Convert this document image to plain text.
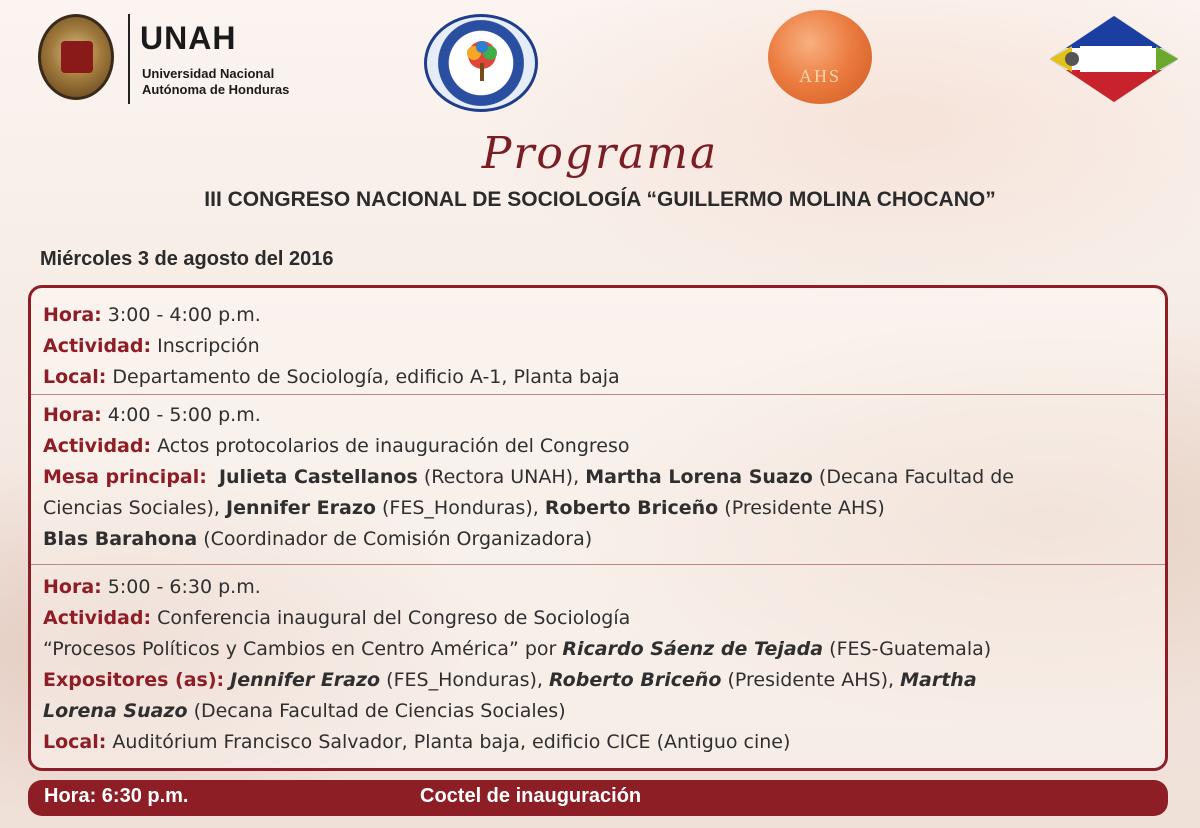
UNAH
Universidad Nacional
Autónoma de Honduras
AHS
Programa
III CONGRESO NACIONAL DE SOCIOLOGÍA “GUILLERMO MOLINA CHOCANO”
Miércoles 3 de agosto del 2016
Hora: 3:00 - 4:00 p.m.
Actividad: Inscripción
Local: Departamento de Sociología, edificio A-1, Planta baja
Hora: 4:00 - 5:00 p.m.
Actividad: Actos protocolarios de inauguración del Congreso
Mesa principal: Julieta Castellanos (Rectora UNAH), Martha Lorena Suazo (Decana Facultad de
Ciencias Sociales), Jennifer Erazo (FES_Honduras), Roberto Briceño (Presidente AHS)
Blas Barahona (Coordinador de Comisión Organizadora)
Hora: 5:00 - 6:30 p.m.
Actividad: Conferencia inaugural del Congreso de Sociología
“Procesos Políticos y Cambios en Centro América” por Ricardo Sáenz de Tejada (FES-Guatemala)
Expositores (as): Jennifer Erazo (FES_Honduras), Roberto Briceño (Presidente AHS), Martha
Lorena Suazo (Decana Facultad de Ciencias Sociales)
Local: Auditórium Francisco Salvador, Planta baja, edificio CICE (Antiguo cine)
Hora: 6:30 p.m.	Coctel de inauguración
